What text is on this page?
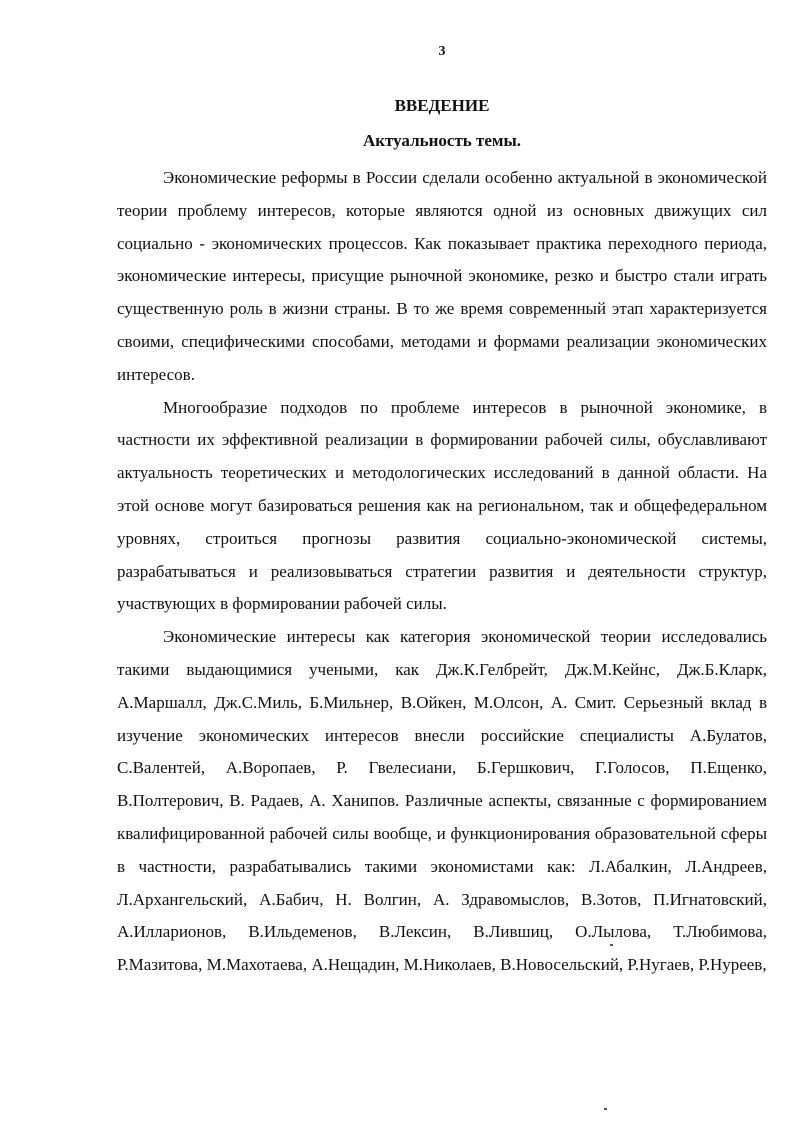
3
ВВЕДЕНИЕ
Актуальность темы.

Экономические реформы в России сделали особенно актуальной в экономической теории проблему интересов, которые являются одной из основных движущих сил социально - экономических процессов. Как показывает практика переходного периода, экономические интересы, присущие рыночной экономике, резко и быстро стали играть существенную роль в жизни страны. В то же время современный этап характеризуется своими, специфическими способами, методами и формами реализации экономических интересов.

Многообразие подходов по проблеме интересов в рыночной экономике, в частности их эффективной реализации в формировании рабочей силы, обуславливают актуальность теоретических и методологических исследований в данной области. На этой основе могут базироваться решения как на региональном, так и общефедеральном уровнях, строиться прогнозы развития социально-экономической системы, разрабатываться и реализовываться стратегии развития и деятельности структур, участвующих в формировании рабочей силы.

Экономические интересы как категория экономической теории исследовались такими выдающимися учеными, как Дж.К.Гелбрейт, Дж.М.Кейнс, Дж.Б.Кларк, А.Маршалл, Дж.С.Миль, Б.Мильнер, В.Ойкен, М.Олсон, А. Смит. Серьезный вклад в изучение экономических интересов внесли российские специалисты А.Булатов, С.Валентей, А.Воропаев, Р. Гвелесиани, Б.Гершкович, Г.Голосов, П.Ещенко, В.Полтерович, В. Радаев, А. Ханипов. Различные аспекты, связанные с формированием квалифицированной рабочей силы вообще, и функционирования образовательной сферы в частности, разрабатывались такими экономистами как: Л.Абалкин, Л.Андреев, Л.Архангельский, А.Бабич, Н. Волгин, А. Здравомыслов, В.Зотов, П.Игнатовский, А.Илларионов, В.Ильдеменов, В.Лексин, В.Лившиц, О.Лылова, Т.Любимова, Р.Мазитова, М.Махотаева, А.Нещадин, М.Николаев, В.Новосельский, Р.Нугаев, Р.Нуреев,
